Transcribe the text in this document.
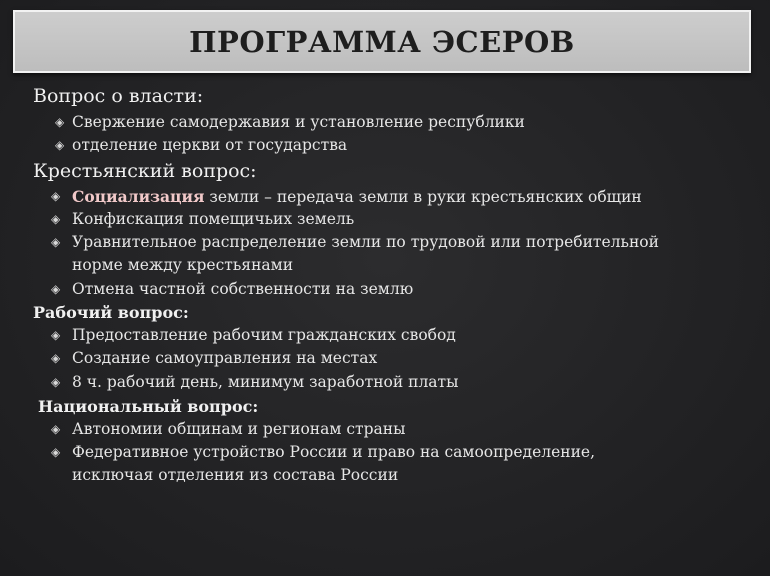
ПРОГРАММА ЭСЕРОВ
Вопрос о власти:
◈ Свержение самодержавия и установление республики
◈ отделение церкви от государства
Крестьянский вопрос:
◈ Социализация земли – передача земли в руки крестьянских общин
◈ Конфискация помещичьих земель
◈ Уравнительное распределение земли по трудовой или потребительной
норме между крестьянами
◈ Отмена частной собственности на землю
Рабочий вопрос:
◈ Предоставление рабочим гражданских свобод
◈ Создание самоуправления на местах
◈ 8 ч. рабочий день, минимум заработной платы
Национальный вопрос:
◈ Автономии общинам и регионам страны
◈ Федеративное устройство России и право на самоопределение,
исключая отделения из состава России
